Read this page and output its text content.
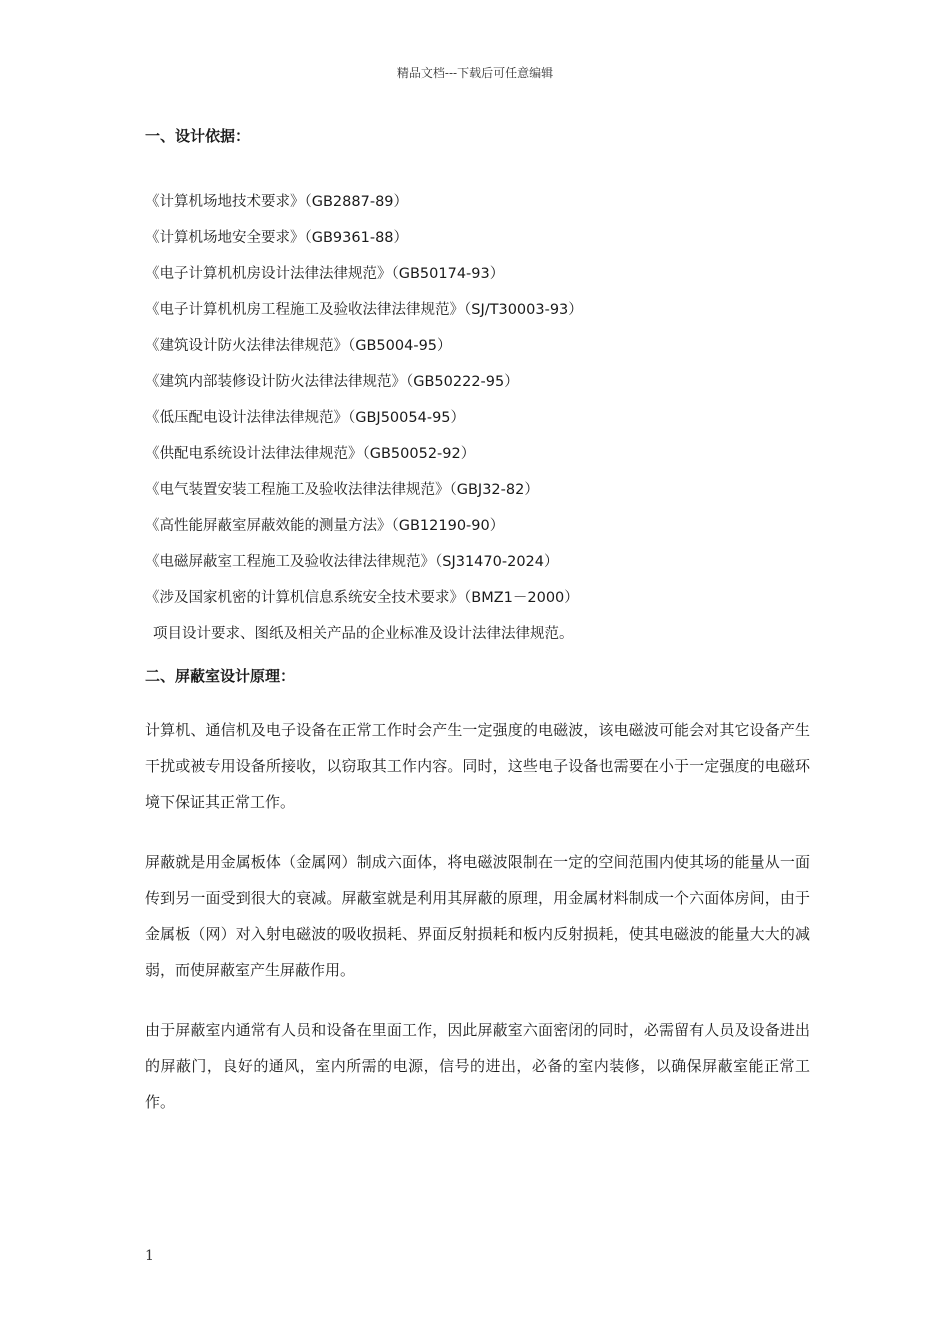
精品文档---下载后可任意编辑
一、设计依据：
《计算机场地技术要求》（GB2887-89）
《计算机场地安全要求》（GB9361-88）
《电子计算机机房设计法律法律规范》（GB50174-93）
《电子计算机机房工程施工及验收法律法律规范》（SJ/T30003-93）
《建筑设计防火法律法律规范》（GB5004-95）
《建筑内部装修设计防火法律法律规范》（GB50222-95）
《低压配电设计法律法律规范》（GBJ50054-95）
《供配电系统设计法律法律规范》（GB50052-92）
《电气装置安装工程施工及验收法律法律规范》（GBJ32-82）
《高性能屏蔽室屏蔽效能的测量方法》（GB12190-90）
《电磁屏蔽室工程施工及验收法律法律规范》（SJ31470-2024）
《涉及国家机密的计算机信息系统安全技术要求》（BMZ1－2000）
项目设计要求、图纸及相关产品的企业标准及设计法律法律规范。
二、屏蔽室设计原理：

计算机、通信机及电子设备在正常工作时会产生一定强度的电磁波，该电磁波可能会对其它设备产生干扰或被专用设备所接收，以窃取其工作内容。同时，这些电子设备也需要在小于一定强度的电磁环境下保证其正常工作。

屏蔽就是用金属板体（金属网）制成六面体，将电磁波限制在一定的空间范围内使其场的能量从一面传到另一面受到很大的衰减。屏蔽室就是利用其屏蔽的原理，用金属材料制成一个六面体房间，由于金属板（网）对入射电磁波的吸收损耗、界面反射损耗和板内反射损耗，使其电磁波的能量大大的减弱，而使屏蔽室产生屏蔽作用。

由于屏蔽室内通常有人员和设备在里面工作，因此屏蔽室六面密闭的同时，必需留有人员及设备进出的屏蔽门，良好的通风，室内所需的电源，信号的进出，必备的室内装修，以确保屏蔽室能正常工作。

1
